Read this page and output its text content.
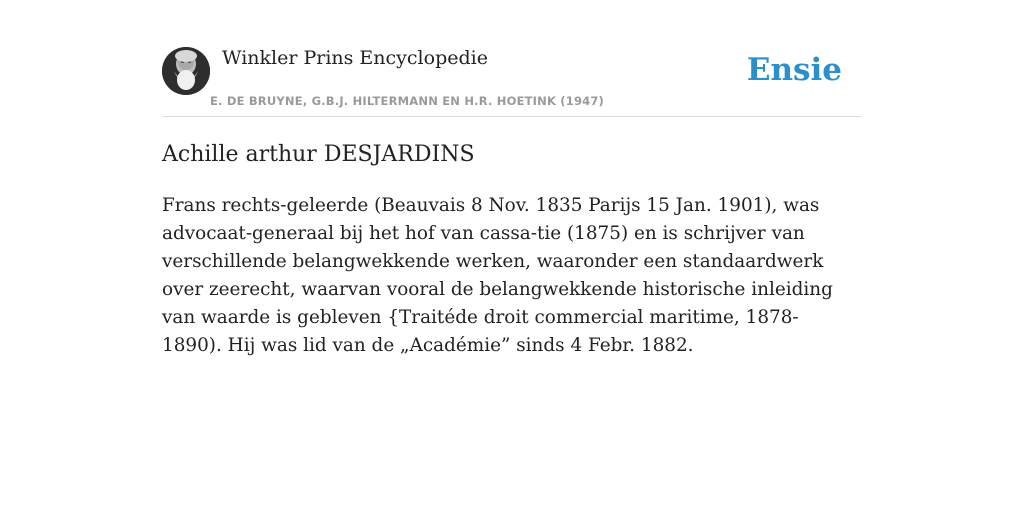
Winkler Prins Encyclopedie
E. DE BRUYNE, G.B.J. HILTERMANN EN H.R. HOETINK (1947)
Ensie
Achille arthur DESJARDINS

Frans rechts-geleerde (Beauvais 8 Nov. 1835 Parijs 15 Jan. 1901), was advocaat-generaal bij het hof van cassa-tie (1875) en is schrijver van verschillende belangwekkende werken, waaronder een standaardwerk over zeerecht, waarvan vooral de belangwekkende historische inleiding van waarde is gebleven {Traitéde droit commercial maritime, 1878-1890). Hij was lid van de „Académie” sinds 4 Febr. 1882.
